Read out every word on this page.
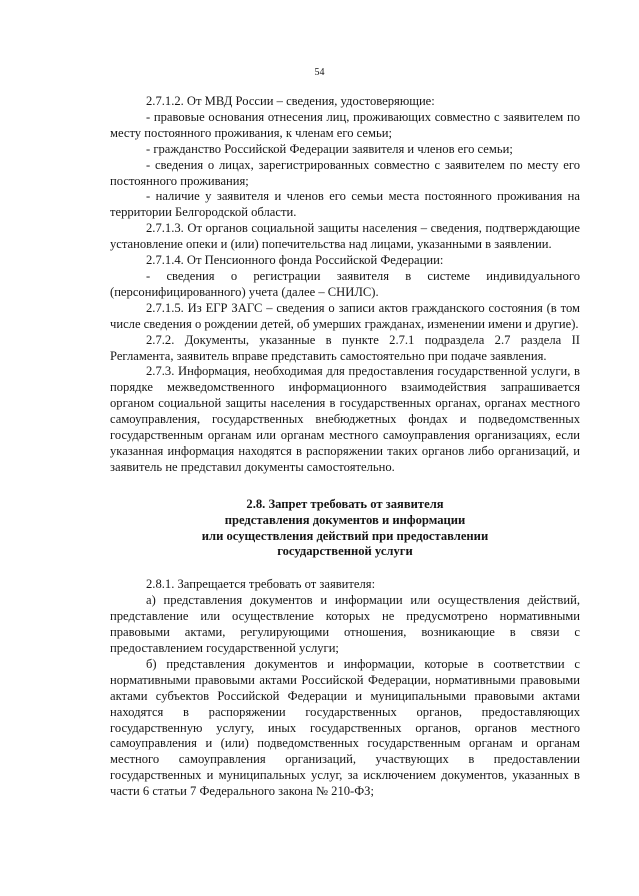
54

2.7.1.2. От МВД России – сведения, удостоверяющие:

- правовые основания отнесения лиц, проживающих совместно с заявителем по месту постоянного проживания, к членам его семьи;

- гражданство Российской Федерации заявителя и членов его семьи;

- сведения о лицах, зарегистрированных совместно с заявителем по месту его постоянного проживания;

- наличие у заявителя и членов его семьи места постоянного проживания на территории Белгородской области.

2.7.1.3. От органов социальной защиты населения – сведения, подтверждающие установление опеки и (или) попечительства над лицами, указанными в заявлении.

2.7.1.4. От Пенсионного фонда Российской Федерации:

- сведения о регистрации заявителя в системе индивидуального (персонифицированного) учета (далее – СНИЛС).

2.7.1.5. Из ЕГР ЗАГС – сведения о записи актов гражданского состояния (в том числе сведения о рождении детей, об умерших гражданах, изменении имени и другие).

2.7.2. Документы, указанные в пункте 2.7.1 подраздела 2.7 раздела II Регламента, заявитель вправе представить самостоятельно при подаче заявления.

2.7.3. Информация, необходимая для предоставления государственной услуги, в порядке межведомственного информационного взаимодействия запрашивается органом социальной защиты населения в государственных органах, органах местного самоуправления, государственных внебюджетных фондах и подведомственных государственным органам или органам местного самоуправления организациях, если указанная информация находятся в распоряжении таких органов либо организаций, и заявитель не представил документы самостоятельно.

2.8. Запрет требовать от заявителя
представления документов и информации
или осуществления действий при предоставлении
государственной услуги

2.8.1. Запрещается требовать от заявителя:

а) представления документов и информации или осуществления действий, представление или осуществление которых не предусмотрено нормативными правовыми актами, регулирующими отношения, возникающие в связи с предоставлением государственной услуги;

б) представления документов и информации, которые в соответствии с нормативными правовыми актами Российской Федерации, нормативными правовыми актами субъектов Российской Федерации и муниципальными правовыми актами находятся в распоряжении государственных органов, предоставляющих государственную услугу, иных государственных органов, органов местного самоуправления и (или) подведомственных государственным органам и органам местного самоуправления организаций, участвующих в предоставлении государственных и муниципальных услуг, за исключением документов, указанных в части 6 статьи 7 Федерального закона № 210-ФЗ;
